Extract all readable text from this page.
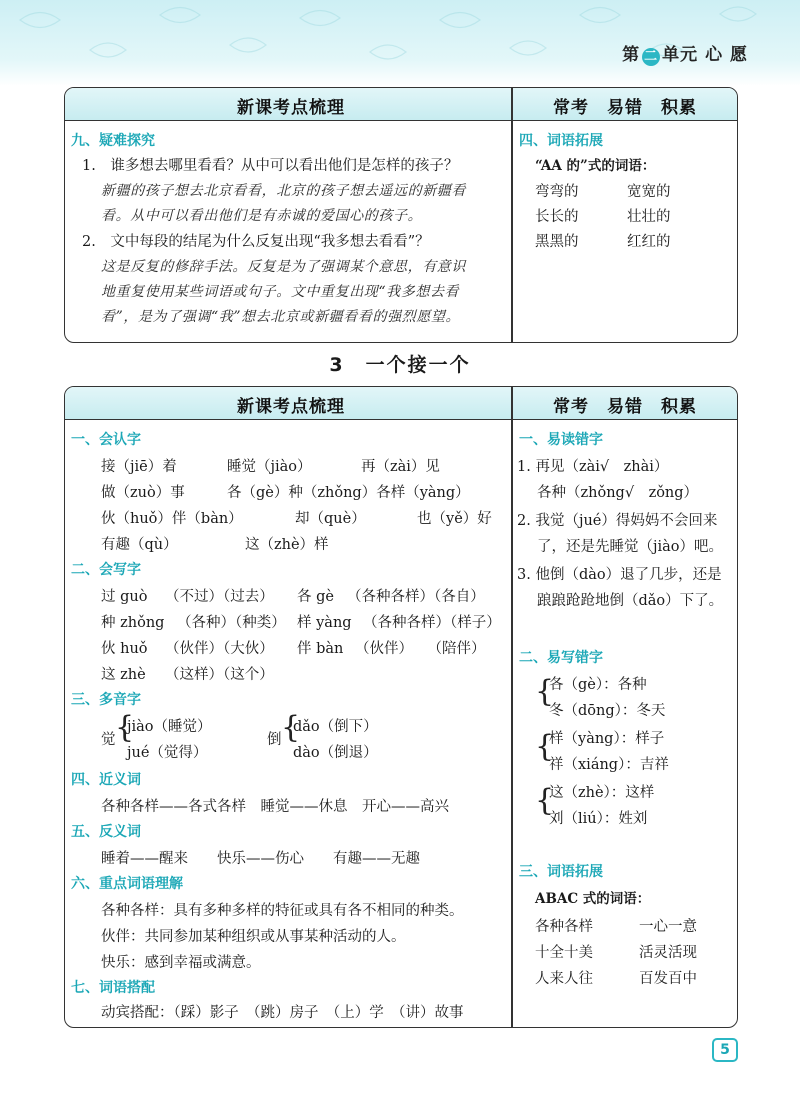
第 二 单元 心 愿
新课考点梳理	常考　易错　积累
九、疑难探究
1.　谁多想去哪里看看？从中可以看出他们是怎样的孩子？
新疆的孩子想去北京看看，北京的孩子想去遥远的新疆看
看。从中可以看出他们是有赤诚的爱国心的孩子。
2.　文中每段的结尾为什么反复出现“我多想去看看”？
这是反复的修辞手法。反复是为了强调某个意思，有意识
地重复使用某些词语或句子。文中重复出现“我多想去看
看”，是为了强调“我”想去北京或新疆看看的强烈愿望。
四、词语拓展
“AA 的”式的词语：
弯弯的	宽宽的
长长的	壮壮的
黑黑的	红红的
3　一个接一个
新课考点梳理	常考　易错　积累
一、会认字
接（jiē）着	睡觉（jiào）	再（zài）见
做（zuò）事	各（gè）种（zhǒng）各样（yàng）
伙（huǒ）伴（bàn）	却（què）	也（yě）好
有趣（qù）	这（zhè）样
二、会写字
过 guò （不过）（过去） 各 gè （各种各样）（各自）
种 zhǒng （各种）（种类） 样 yàng （各种各样）（样子）
伙 huǒ （伙伴）（大伙） 伴 bàn （伙伴）　　（陪伴）
这 zhè （这样）（这个）
三、多音字
觉 {
jiào（睡觉）
jué（觉得）
倒 {
dǎo（倒下）
dào（倒退）
四、近义词
各种各样——各式各样　睡觉——休息　开心——高兴
五、反义词
睡着——醒来　　快乐——伤心　　有趣——无趣
六、重点词语理解
各种各样：具有多种多样的特征或具有各不相同的种类。
伙伴：共同参加某种组织或从事某种活动的人。
快乐：感到幸福或满意。
七、词语搭配
动宾搭配：（踩）影子　（跳）房子　（上）学　（讲）故事
一、易读错字
1. 再见（zài√　zhài）
各种（zhǒng√　zǒng）
2. 我觉（jué）得妈妈不会回来
了，还是先睡觉（jiào）吧。
3. 他倒（dào）退了几步，还是
踉踉跄跄地倒（dǎo）下了。
二、易写错字
{
各（gè）：各种
冬（dōng）：冬天
{
样（yàng）：样子
祥（xiáng）：吉祥
{
这（zhè）：这样
刘（liú）：姓刘
三、词语拓展
ABAC 式的词语：
各种各样	一心一意
十全十美	活灵活现
人来人往	百发百中
5
